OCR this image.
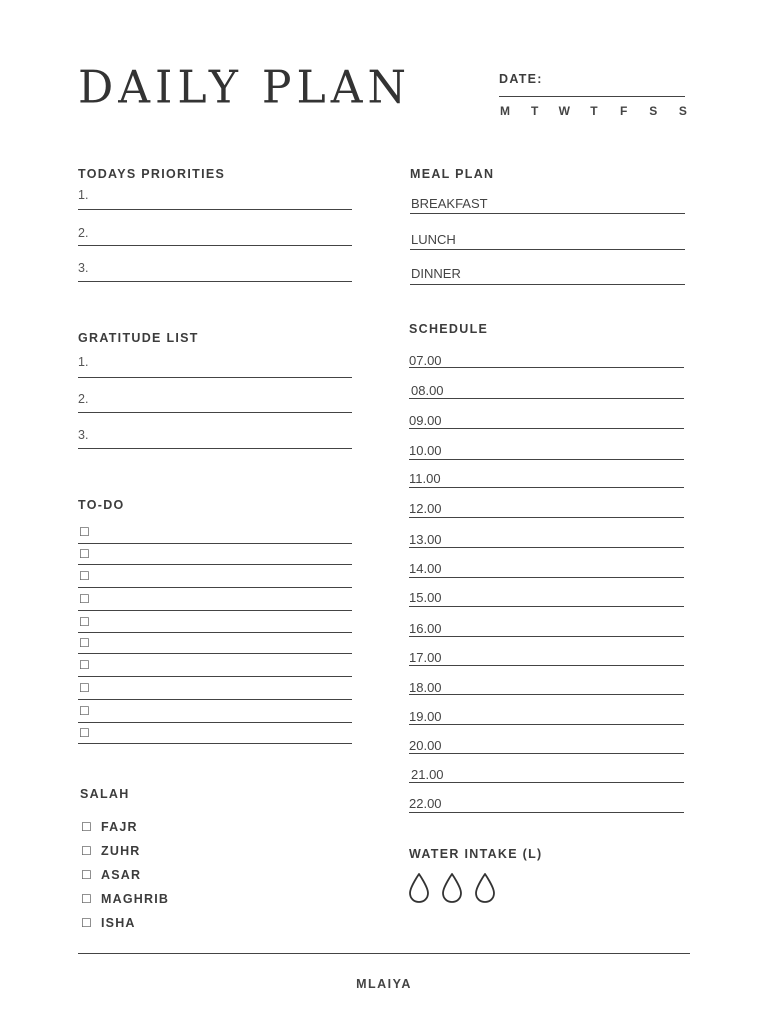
DAILY PLAN	DATE:
M T W T F S S
TODAYS PRIORITIES
1.
2.
3.
GRATITUDE LIST
1.
2.
3.
TO-DO
☐
☐
☐
☐
☐
☐
☐
☐
☐
☐
SALAH
☐ FAJR
☐ ZUHR
☐ ASAR
☐ MAGHRIB
☐ ISHA
MEAL PLAN
BREAKFAST
LUNCH
DINNER
SCHEDULE
07.00
08.00
09.00
10.00
11.00
12.00
13.00
14.00
15.00
16.00
17.00
18.00
19.00
20.00
21.00
22.00
WATER INTAKE (L)
MLAIYA
